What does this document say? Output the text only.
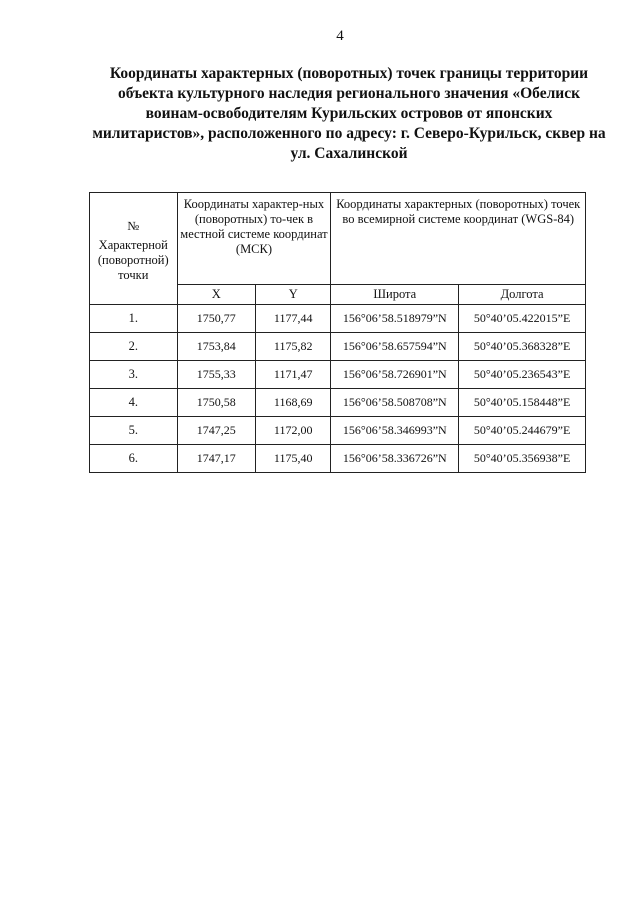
4
Координаты характерных (поворотных) точек границы территории
объекта культурного наследия регионального значения «Обелиск
воинам-освободителям Курильских островов от японских
милитаристов», расположенного по адресу: г. Северо-Курильск, сквер на
ул. Сахалинской
№
Характерной (поворотной) точки	Координаты характер-ных (поворотных) то-чек в местной системе координат (МСК)		Координаты характерных (поворотных) точек во всемирной системе координат (WGS-84)	
	X	Y	Широта	Долгота
1.	1750,77	1177,44	156°06’58.518979”N	50°40’05.422015”E
2.	1753,84	1175,82	156°06’58.657594”N	50°40’05.368328”E
3.	1755,33	1171,47	156°06’58.726901”N	50°40’05.236543”E
4.	1750,58	1168,69	156°06’58.508708”N	50°40’05.158448”E
5.	1747,25	1172,00	156°06’58.346993”N	50°40’05.244679”E
6.	1747,17	1175,40	156°06’58.336726”N	50°40’05.356938”E
